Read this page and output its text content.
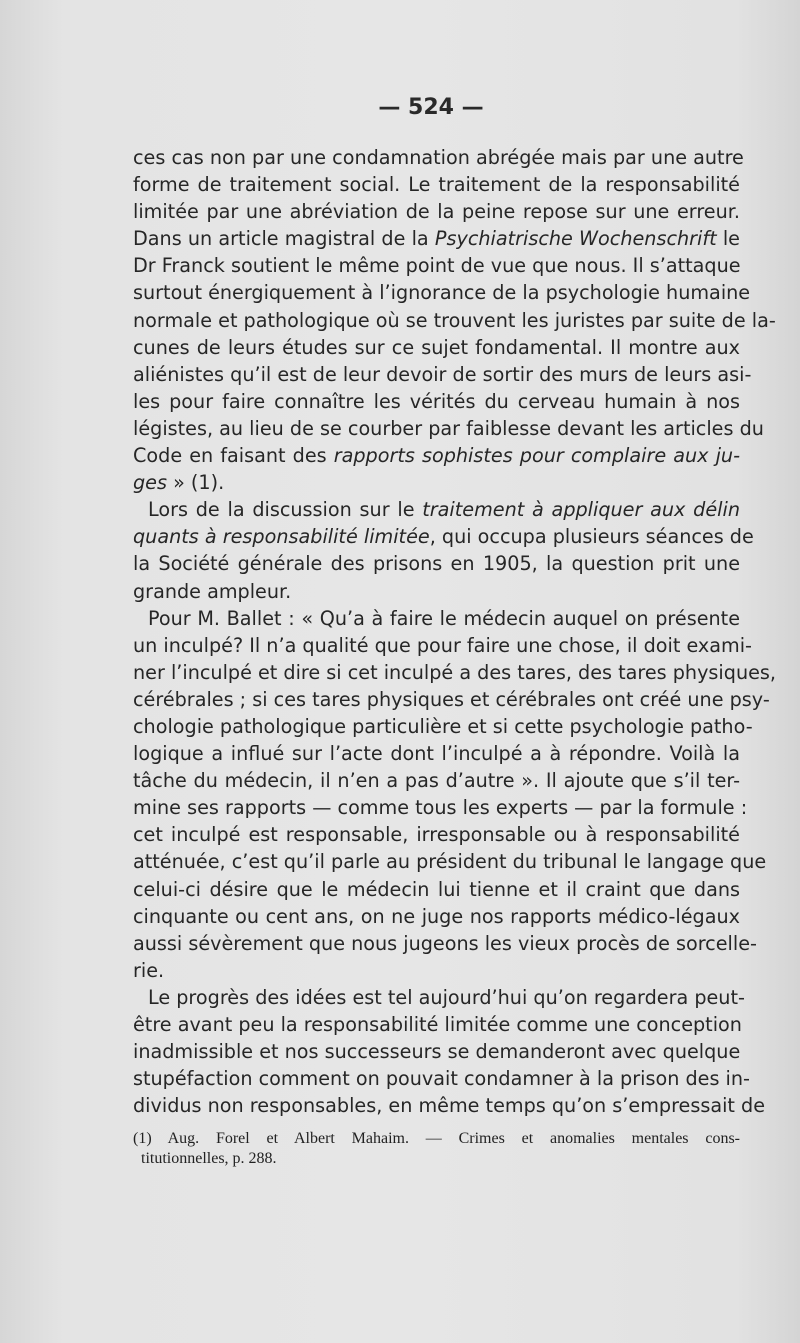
— 524 —
ces cas non par une condamnation abrégée mais par une autre
forme de traitement social. Le traitement de la responsabilité
limitée par une abréviation de la peine repose sur une erreur.
Dans un article magistral de la Psychiatrische Wochenschrift le
Dr Franck soutient le même point de vue que nous. Il s’attaque
surtout énergiquement à l’ignorance de la psychologie humaine
normale et pathologique où se trouvent les juristes par suite de la-
cunes de leurs études sur ce sujet fondamental. Il montre aux
aliénistes qu’il est de leur devoir de sortir des murs de leurs asi-
les pour faire connaître les vérités du cerveau humain à nos
légistes, au lieu de se courber par faiblesse devant les articles du
Code en faisant des rapports sophistes pour complaire aux ju-
ges » (1).
Lors de la discussion sur le traitement à appliquer aux délin
quants à responsabilité limitée, qui occupa plusieurs séances de
la Société générale des prisons en 1905, la question prit une
grande ampleur.
Pour M. Ballet : « Qu’a à faire le médecin auquel on présente
un inculpé? Il n’a qualité que pour faire une chose, il doit exami-
ner l’inculpé et dire si cet inculpé a des tares, des tares physiques,
cérébrales ; si ces tares physiques et cérébrales ont créé une psy-
chologie pathologique particulière et si cette psychologie patho-
logique a influé sur l’acte dont l’inculpé a à répondre. Voilà la
tâche du médecin, il n’en a pas d’autre ». Il ajoute que s’il ter-
mine ses rapports — comme tous les experts — par la formule :
cet inculpé est responsable, irresponsable ou à responsabilité
atténuée, c’est qu’il parle au président du tribunal le langage que
celui-ci désire que le médecin lui tienne et il craint que dans
cinquante ou cent ans, on ne juge nos rapports médico-légaux
aussi sévèrement que nous jugeons les vieux procès de sorcelle-
rie.
Le progrès des idées est tel aujourd’hui qu’on regardera peut-
être avant peu la responsabilité limitée comme une conception
inadmissible et nos successeurs se demanderont avec quelque
stupéfaction comment on pouvait condamner à la prison des in-
dividus non responsables, en même temps qu’on s’empressait de
(1) Aug. Forel et Albert Mahaim. — Crimes et anomalies mentales cons-
titutionnelles, p. 288.
